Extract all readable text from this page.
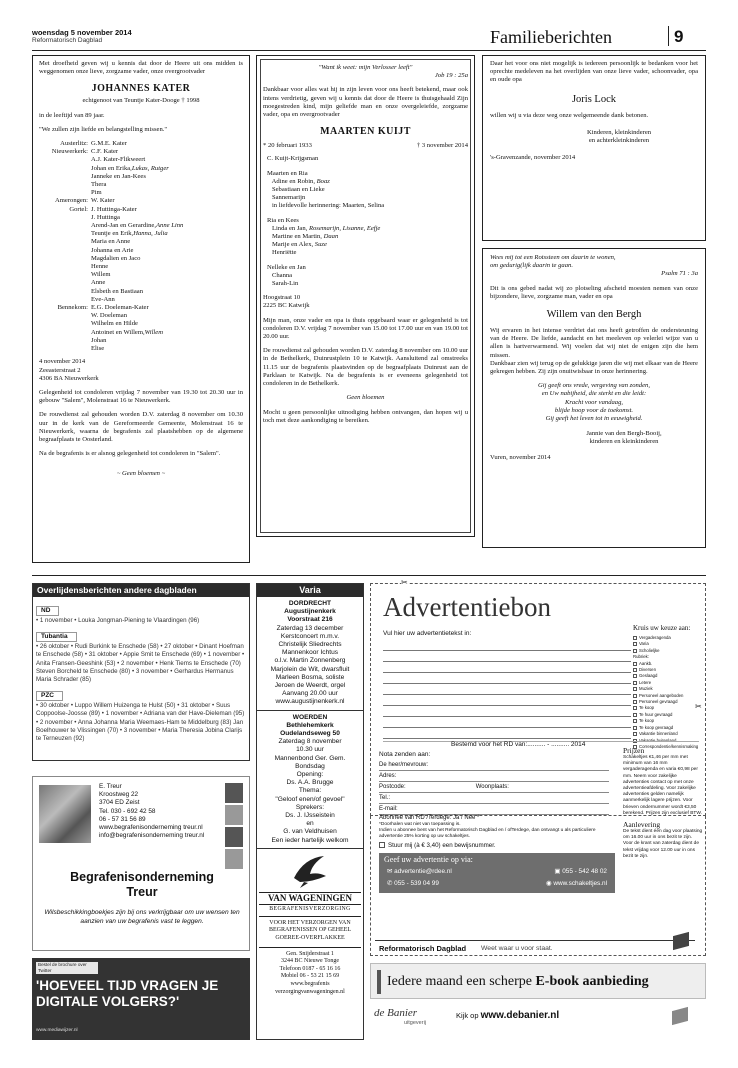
woensdag 5 november 2014
Reformatorisch Dagblad	Familieberichten	9

Met droefheid geven wij u kennis dat door de Heere uit ons midden is weggenomen onze lieve, zorgzame vader, onze overgrootvader

JOHANNES KATER

echtgenoot van Teuntje Kater-Dooge † 1998

in de leeftijd van 89 jaar.

"We zullen zijn liefde en belangstelling missen."

Austerlitz: G.M.E. Kater
Nieuwerkerk: C.F. Kater
A.J. Kater-Flikweert
Johan en Erika, Lukas, Rutger
Janneke en Jan-Kees
Thera
Pim
Amerongen: W. Kater
Gortel: J. Huttinga-Kater
J. Huttinga
Arend-Jan en Gerardine, Anne Linn
Teuntje en Erik, Hanna, Julia
Maria en Anne
Johanna en Arie
Magdalien en Jaco
Henne
Willem
Anne
Elsbeth en Bastiaan
Eve-Ann
Bennekom: E.G. Doeleman-Kater
W. Doeleman
Wilhelm en Hilde
Antoinet en Willem, Willem
Johan
Elise

4 november 2014

Zeeasterstraat 2

4306 BA Nieuwerkerk

Gelegenheid tot condoleren vrijdag 7 november van 19.30 tot 20.30 uur in gebouw "Salem", Molenstraat 16 te Nieuwerkerk.

De rouwdienst zal gehouden worden D.V. zaterdag 8 november om 10.30 uur in de kerk van de Gereformeerde Gemeente, Molenstraat 16 te Nieuwerkerk, waarna de begrafenis zal plaatshebben op de algemene begraafplaats te Oosterland.

Na de begrafenis is er alsnog gelegenheid tot condoleren in "Salem".

~ Geen bloemen ~

"Want ik weet: mijn Verlosser leeft"

Job 19 : 25a

Dankbaar voor alles wat hij in zijn leven voor ons heeft betekend, maar ook intens verdrietig, geven wij u kennis dat door de Heere is thuisgehaald Zijn moegestreden kind, mijn geliefde man en onze overgeleiefde, zorgzame vader, opa en overgrootvader

MAARTEN KUIJT
* 20 februari 1933	† 3 november 2014
C. Kuijt-Krijgsman
Maarten en Ria
Adine en Robin, Boaz
Sebastiaan en Lieke
Sannemarijn
in liefdevolle herinnering: Maarten, Selina
Ria en Kees
Linda en Jan, Rosemarijn, Lisanne, Eefje
Martine en Martin, Daan
Marije en Alex, Suze
Henriëtte
Nelleke en Jan
Channa
Sarah-Lin

Hoogstraat 10

2225 BC Katwijk

Mijn man, onze vader en opa is thuis opgebaard waar er gelegenheid is tot condoleren D.V. vrijdag 7 november van 15.00 tot 17.00 uur en van 19.00 tot 20.00 uur.

De rouwdienst zal gehouden worden D.V. zaterdag 8 november om 10.00 uur in de Bethelkerk, Duinrustplein 10 te Katwijk. Aansluitend zal omstreeks 11.15 uur de begrafenis plaatsvinden op de begraafplaats Duinrust aan de Parklaan te Katwijk. Na de begrafenis is er eveneens gelegenheid tot condoleren in de Bethelkerk.

Geen bloemen

Mocht u geen persoonlijke uitnodiging hebben ontvangen, dan hopen wij u toch met deze aankondiging te bereiken.

Daar het voor ons niet mogelijk is iedereen persoonlijk te bedanken voor het oprechte medeleven na het overlijden van onze lieve vader, schoonvader, opa en oude opa

Joris Lock

willen wij u via deze weg onze welgemeende dank betonen.

Kinderen, kleinkinderen

en achterkleinkinderen

's-Gravenzande, november 2014

Wees mij tot een Rotssteen om daarin te wonen,

om gedurig(lijk daarin te gaan.

Psalm 71 : 3a

Dit is ons gebed nadat wij zo plotseling afscheid moesten nemen van onze bijzondere, lieve, zorgzame man, vader en opa

Willem van den Bergh

Wij ervaren in het intense verdriet dat ons heeft getroffen de ondersteuning van de Heere. De liefde, aandacht en het meeleven op velerlei wijze van u allen is hartverwarmend. Wij voelen dat wij niet de enigen zijn die hem missen.

Dankbaar zien wij terug op de gelukkige jaren die wij met elkaar van de Heere gekregen hebben. Zij zijn onuitwisbaar in onze herinnering.

Gij geeft ons vrede, vergeving van zonden,

en Uw nabijheid, die sterkt en die leidt:

Kracht voor vandaag,

blijde hoop voor de toekomst.

Gij geeft het leven tot in eeuwigheid.

Jannie van den Bergh-Booij,

kinderen en kleinkinderen

Vuren, november 2014

Overlijdensberichten andere dagbladen
ND

• 1 november • Louka Jongman-Piening te Vlaardingen (96)

Tubantia

• 26 oktober • Rudi Burkink te Enschede (58) • 27 oktober • Dinant Hoefman te Enschede (58) • 31 oktober • Appie Smit te Enschede (69) • 1 november • Anita Fransen-Geeshink (53) • 2 november • Henk Tiems te Enschede (70) Steven Borcheld te Enschede (80) • 3 november • Gerhardus Hermanus Maria Schrader (85)

PZC

• 30 oktober • Luppo Willem Huizenga te Hulst (50) • 31 oktober • Suus Coppoolse-Joosse (89) • 1 november • Adriana van der Have-Dieleman (95) • 2 november • Anna Johanna Maria Weemaes-Ham te Middelburg (83) Jan Boelhouwer te Vlissingen (70) • 3 november • Maria Theresia Jobina Clarijs te Terneuzen (92)

E. Treur

Kroostweg 22

3704 ED Zeist

Tel. 030 - 692 42 58

06 - 57 31 56 89

www.begrafenisonderneming treur.nl

info@begrafenisonderneming treur.nl

Begrafenisonderneming
Treur

Wilsbeschikkingboekjes zijn bij ons verkrijgbaar om uw wensen ten aanzien van uw begrafenis vast te leggen.

Bestel de brochure over Twitter
'HOEVEEL TIJD VRAGEN JE DIGITALE VOLGERS?'
www.mediawijzer.nl
Varia

DORDRECHT

Augustijnenkerk

Voorstraat 216

Zaterdag 13 december

Kerstconcert m.m.v.

Christelijk Sliedrechts

Mannenkoor Ichtus

o.l.v. Martin Zonnenberg

Marjolein de Wit, dwarsfluit

Marleen Bosma, soliste

Jeroen de Weerdt, orgel

Aanvang 20.00 uur

www.augustijnenkerk.nl

WOERDEN

Bethlehemkerk

Oudelandseweg 50

Zaterdag 8 november

10.30 uur

Mannenbond Ger. Gem.

Bondsdag

Opening:

Ds. A.A. Brugge

Thema:

"Geloof enen/of gevoel"

Sprekers:

Ds. J. IJsseistein

en

G. van Veldhuisen

Een ieder hartelijk welkom

VAN WAGENINGEN
BEGRAFENISVERZORGING

VOOR HET VERZORGEN VAN BEGRAFENISSEN OP GEHEEL GOEREE-OVERFLAKKEE

Gen. Snijderstraat 1

3244 BC Nieuwe Tonge

Telefoon 0187 - 65 16 16

Mobiel 06 - 53 21 15 69

www.begrafenis

verzorgingvanwageningen.nl

✂
Advertentiebon
Vul hier uw advertentietekst in:
Kruis uw keuze aan:
Vergaderagenda
Varia
Scholieljke
Rubriek:
Aankb.
Diversen
Geslaagd
Letere
Muziek
Personeel aangeboden
Personeel gevraagd
Te koop
Te huur gevraagd
Te koop
Te koop gevraagd
Vakantie binnenland
Vakantie buitenland
Correspondentie/kennismaking
✂
Bestemd voor het RD van:.......... - .......... 2014
Nota zenden aan:
De heer/mevrouw:
Adres:
Postcode:	Woonplaats:
Tel.:
E-mail:
Prijzen

Schakeltjes €1,46 per mm met minimum van 16 mm vergaderagenda en varia €0,98 per mm. Neem voor zakelijke advertenties contact op met onze advertentieafdeling. Voor zakelijke advertenties gelden namelijk aanmerkelijk lagere prijzen. Voor brieven ondernummer wordt €3,50 berekend. Prijzen zijn exclusief BTW.

Aanlevering

De tekst dient één dag voor plaatsing om 16.00 uur in ons bezit te zijn. Voor de krant van zaterdag dient de tekst vrijdag voor 12.00 uur in ons bezit te zijn.

Abonnee van RD /Terdege: Ja / Nee *

*Doorhalen wat niet van toepassing is.

Indien u abonnee bent van het Reformatorisch Dagblad en / ofTerdege, dan ontvangt u als particuliere advertentie 25% korting op uw schakeltjes.

Stuur mij (à € 3,40) een bewijsnummer.
Geef uw advertentie op via:
✉ advertentie@rdee.nl	▣ 055 - 542 48 02
✆ 055 - 539 04 99	◉ www.schakeltjes.nl
Reformatorisch Dagblad Weet waar u voor staat.
Iedere maand een scherpe E-book aanbieding
de Banier
uitgeverij
Kijk op www.debanier.nl
